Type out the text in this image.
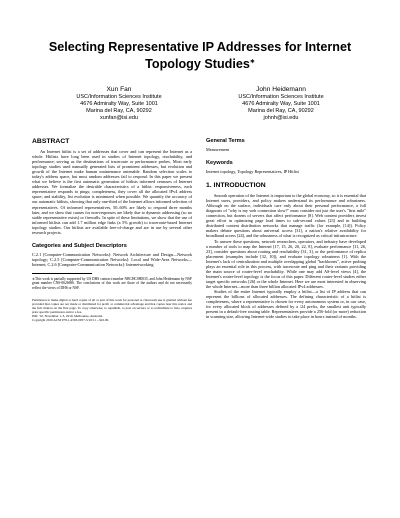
Selecting Representative IP Addresses for Internet
Topology Studies∗
Xun Fan
USC/Information Sciences Institute
4676 Admiralty Way, Suite 1001
Marina del Ray, CA, 90292
xunfan@isi.edu
John Heidemann
USC/Information Sciences Institute
4676 Admiralty Way, Suite 1001
Marina del Ray, CA, 90292
johnh@isi.edu
ABSTRACT

An Internet hitlist is a set of addresses that cover and can represent the Internet as a whole. Hitlists have long been used in studies of Internet topology, reachability, and performance; serving as the destinations of traceroute or performance probes. Most early topology studies used manually generated lists of prominent addresses, but evolution and growth of the Internet make human maintenance untenable. Random selection scales to today's address space, but most random addresses fail to respond. In this paper we present what we believe is the first automatic generation of hitlists informed censuses of Internet addresses. We formalize the desirable characteristics of a hitlist: responsiveness, each representative responds to pings; completeness, they cover all the allocated IPv4 address space; and stability, list evolution is minimized when possible. We quantify the accuracy of our automatic hitlists, showing that only one-third of the Internet allows informed selection of representatives. Of informed representatives, 50–60% are likely to respond three months later, and we show that causes for non-responses are likely due to dynamic addressing (so no stable representative exists) or firewalls. In spite of these limitations, we show that the use of informed hitlists can add 1.7 million edge links (a 5% growth) to traceroute-based Internet topology studies. Our hitlists are available free-of-charge and are in use by several other research projects.

Categories and Subject Descriptors

C.2.1 [Computer-Communication Networks]: Network Architecture and Design—Network topology; C.2.5 [Computer-Communication Networks]: Local and Wide-Area Networks—Internet; C.2.6 [Computer-Communication Networks]: Internetworking

∗This work is partially supported by US DHS contract number NBCHC080035, and John Heidemann by NSF grant number CNS-0626696. The conclusions of this work are those of the authors and do not necessarily reflect the views of DHS or NSF.

Permission to make digital or hard copies of all or part of this work for personal or classroom use is granted without fee provided that copies are not made or distributed for profit or commercial advantage and that copies bear this notice and the full citation on the first page. To copy otherwise, to republish, to post on servers or to redistribute to lists, requires prior specific permission and/or a fee.

IMC '10, November 1–3, 2010, Melbourne, Australia.

Copyright 2010 ACM 978-1-4503-0057-5/10/11 ...$10.00.

General Terms

Measurement

Keywords

Internet topology, Topology Representatives, IP Hitlist

1. INTRODUCTION

Smooth operation of the Internet is important to the global economy, so it is essential that Internet users, providers, and policy makers understand its performance and robustness. Although on the surface, individuals care only about their personal performance, a full diagnosis of "why is my web connection slow?" must consider not just the user's "first mile" connection, but dozens of servers that affect performance [8]. Web content providers invest great effort in optimizing page load times to sub-second values [23] and in building distributed content distribution networks that manage traffic (for example, [14]). Policy makers debate questions about universal access [31], a nation's relative availability for broadband access [24], and the robustness of what is recognized as critical infrastructure.

To answer these questions, network researchers, operators, and industry have developed a number of tools to map the Internet [17, 15, 26, 20, 22, 8], evaluate performance [11, 26, 23], consider questions about routing and reachability [31, 3], or the performance of replica placement (examples include [32, 10]), and evaluate topology robustness [1]. With the Internet's lack of centralization and multiple overlapping global "backbones", active probing plays an essential role in this process, with traceroute and ping and their variants providing the main source of router-level reachability. While one may add AS-level views [4], the Internet's router-level topology is the focus of this paper. Different router-level studies either target specific networks [26] or the whole Internet. Here we are most interested in observing the whole Internet—more than three billion allocated IPv4 addresses.

Studies of the entire Internet typically employ a hitlist—a list of IP address that can represent the billions of allocated addresses. The defining characteristic of a hitlist is completeness, where a representative is chosen for every autonomous system or, in our case, for every allocated block of addresses defined by a /24 prefix, the smallest unit typically present in a default-free routing table. Representatives provide a 256-fold (or more) reduction in scanning size, allowing Internet-wide studies to take place in hours instead of months.
